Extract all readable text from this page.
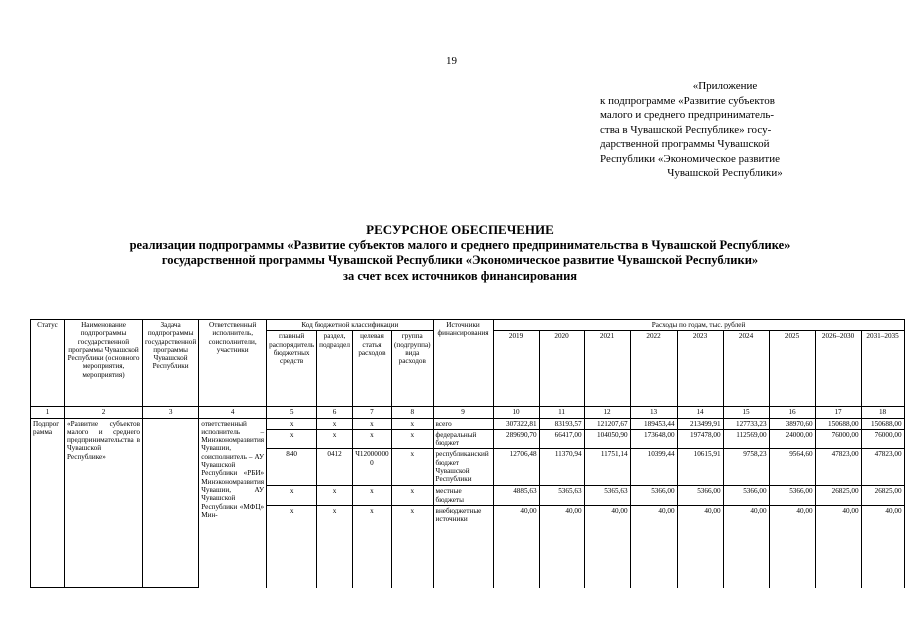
19
«Приложение
к подпрограмме «Развитие субъектов
малого и среднего предприниматель-
ства в Чувашской Республике» госу-
дарственной программы Чувашской
Республики «Экономическое развитие
Чувашской Республики»
РЕСУРСНОЕ ОБЕСПЕЧЕНИЕ
реализации подпрограммы «Развитие субъектов малого и среднего предпринимательства в Чувашской Республике»
государственной программы Чувашской Республики «Экономическое развитие Чувашской Республики»
за счет всех источников финансирования
Статус	Наименование подпрограммы государственной программы Чувашской Республики (основного мероприятия, мероприятия)	Задача подпрограммы государственной программы Чувашской Республики	Ответственный исполнитель, соисполнители, участники	Код бюджетной классификации				Источники финансирования	Расходы по годам, тыс. рублей								
				главный распорядитель бюджетных средств	раздел, подраздел	целевая статья расходов	группа (подгруппа) вида расходов		2019	2020	2021	2022	2023	2024	2025	2026–2030	2031–2035
1	2	3	4	5	6	7	8	9	10	11	12	13	14	15	16	17	18
Подпрограмма	«Развитие субъектов малого и среднего предпринимательства в Чувашской Республике»		ответственный исполнитель – Минэкономразвития Чувашии, соисполнитель – АУ Чувашской Республики «РБИ» Минэкономразвития Чувашии, АУ Чувашской Республики «МФЦ» Мин-	x	x	x	x	всего	307322,81	83193,57	121207,67	189453,44	213499,91	127733,23	38970,60	150688,00	150688,00
				x	x	x	x	федеральный бюджет	289690,70	66417,00	104050,90	173648,00	197478,00	112569,00	24000,00	76000,00	76000,00
				840	0412	Ч120000000	x	республиканский бюджет Чувашской Республики	12706,48	11370,94	11751,14	10399,44	10615,91	9758,23	9564,60	47823,00	47823,00
				x	x	x	x	местные бюджеты	4885,63	5365,63	5365,63	5366,00	5366,00	5366,00	5366,00	26825,00	26825,00
				x	x	x	x	внебюджетные источники	40,00	40,00	40,00	40,00	40,00	40,00	40,00	40,00	40,00
